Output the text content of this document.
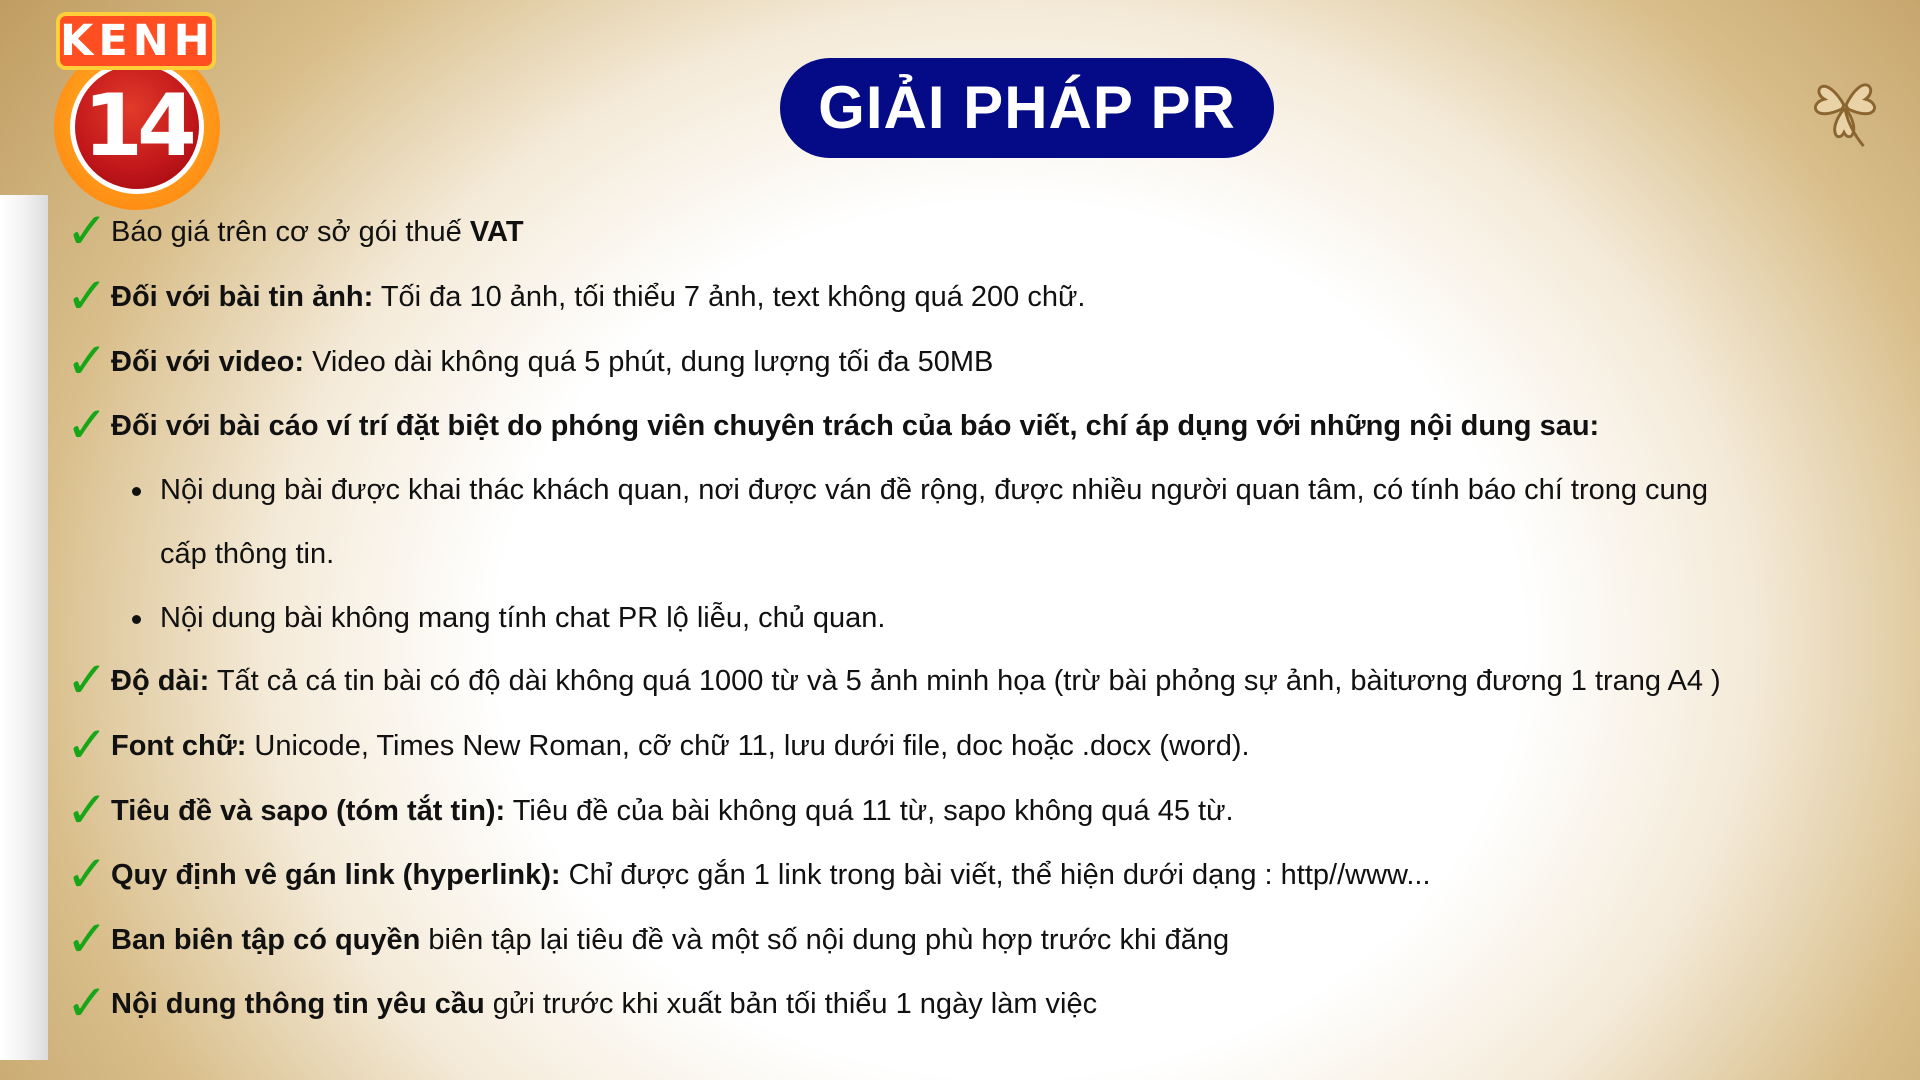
KENH
14	GIẢI PHÁP PR
✓ Báo giá trên cơ sở gói thuế VAT
✓ Đối với bài tin ảnh: Tối đa 10 ảnh, tối thiểu 7 ảnh, text không quá 200 chữ.
✓ Đối với video: Video dài không quá 5 phút, dung lượng tối đa 50MB
✓ Đối với bài cáo ví trí đặt biệt do phóng viên chuyên trách của báo viết, chí áp dụng với những nội dung sau:
Nội dung bài được khai thác khách quan, nơi được ván đề rộng, được nhiều người quan tâm, có tính báo chí trong cung
cấp thông tin.
Nội dung bài không mang tính chat PR lộ liễu, chủ quan.
✓ Độ dài: Tất cả cá tin bài có độ dài không quá 1000 từ và 5 ảnh minh họa (trừ bài phỏng sự ảnh, bàitương đương 1 trang A4 )
✓ Font chữ: Unicode, Times New Roman, cỡ chữ 11, lưu dưới file, doc hoặc .docx (word).
✓ Tiêu đề và sapo (tóm tắt tin): Tiêu đề của bài không quá 11 từ, sapo không quá 45 từ.
✓ Quy định vê gán link (hyperlink): Chỉ được gắn 1 link trong bài viết, thể hiện dưới dạng : http//www...
✓ Ban biên tập có quyền biên tập lại tiêu đề và một số nội dung phù hợp trước khi đăng
✓ Nội dung thông tin yêu cầu gửi trước khi xuất bản tối thiểu 1 ngày làm việc
